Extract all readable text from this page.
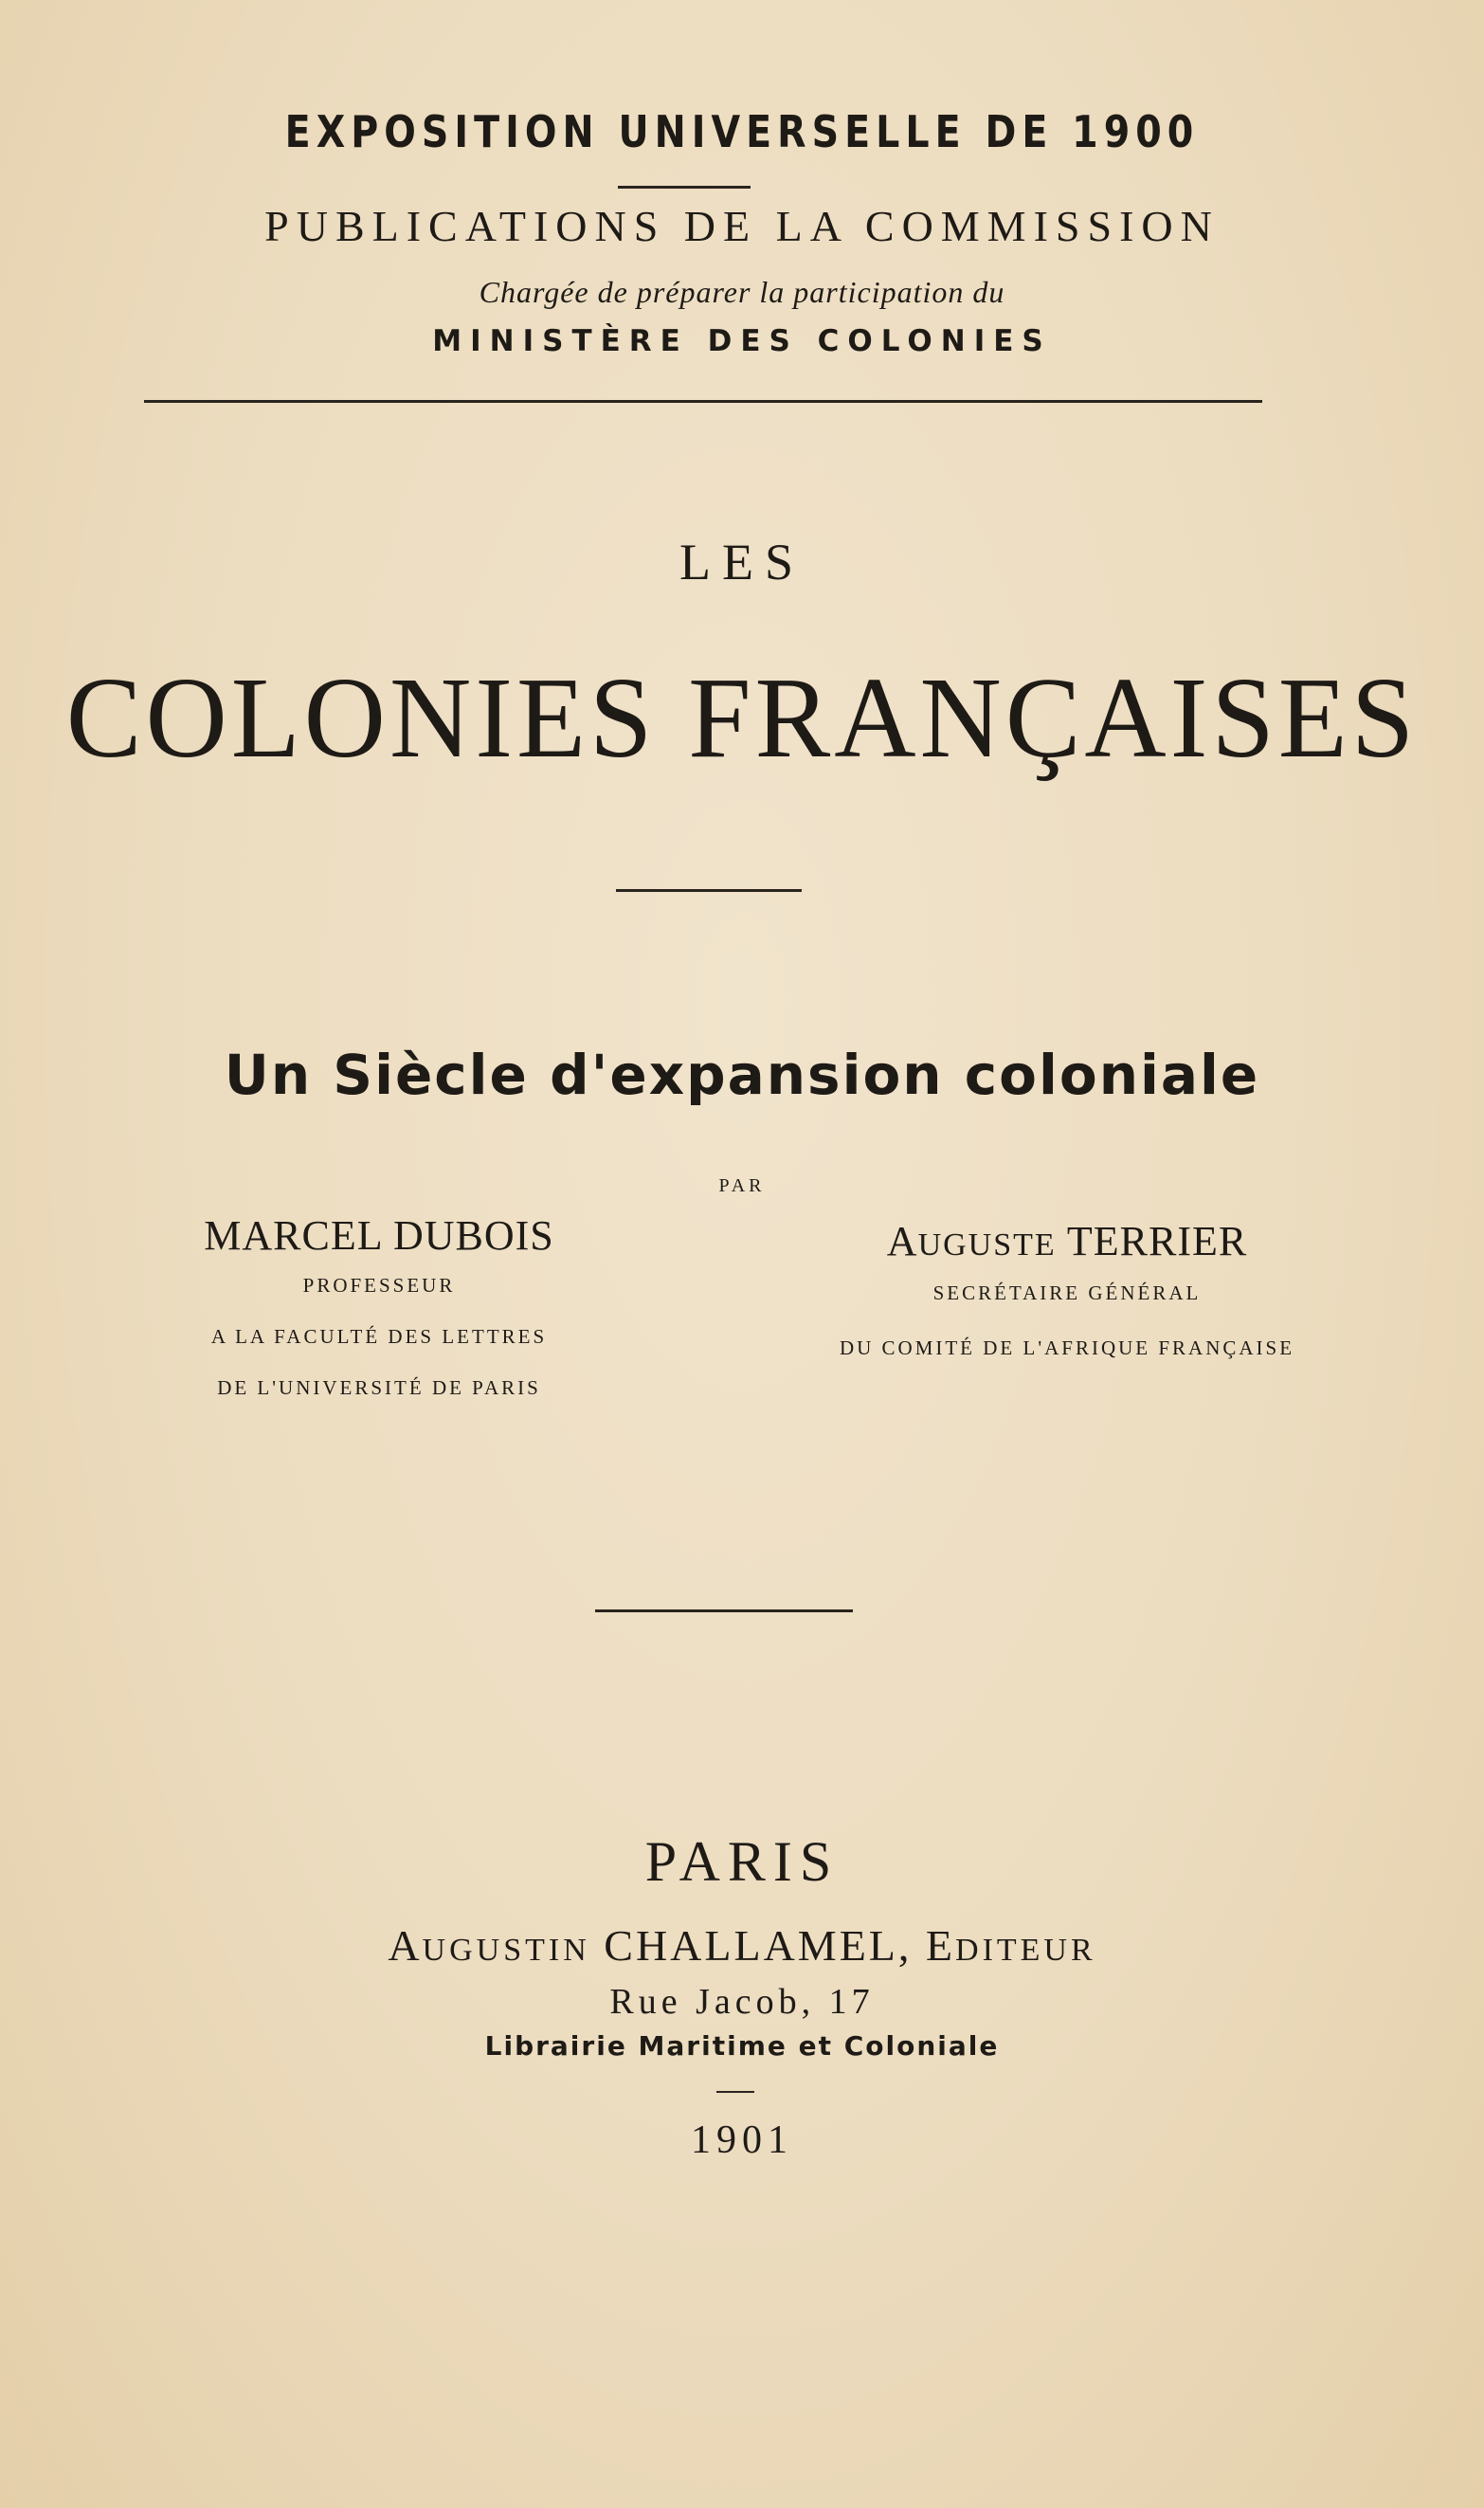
EXPOSITION UNIVERSELLE DE 1900
PUBLICATIONS DE LA COMMISSION
Chargée de préparer la participation du
MINISTÈRE DES COLONIES
LES
COLONIES FRANÇAISES
Un Siècle d'expansion coloniale
PAR
MARCEL DUBOIS
PROFESSEUR
A LA FACULTÉ DES LETTRES
DE L'UNIVERSITÉ DE PARIS
AUGUSTE TERRIER
SECRÉTAIRE GÉNÉRAL
DU COMITÉ DE L'AFRIQUE FRANÇAISE
PARIS
AUGUSTIN CHALLAMEL, EDITEUR
Rue Jacob, 17
Librairie Maritime et Coloniale
1901
